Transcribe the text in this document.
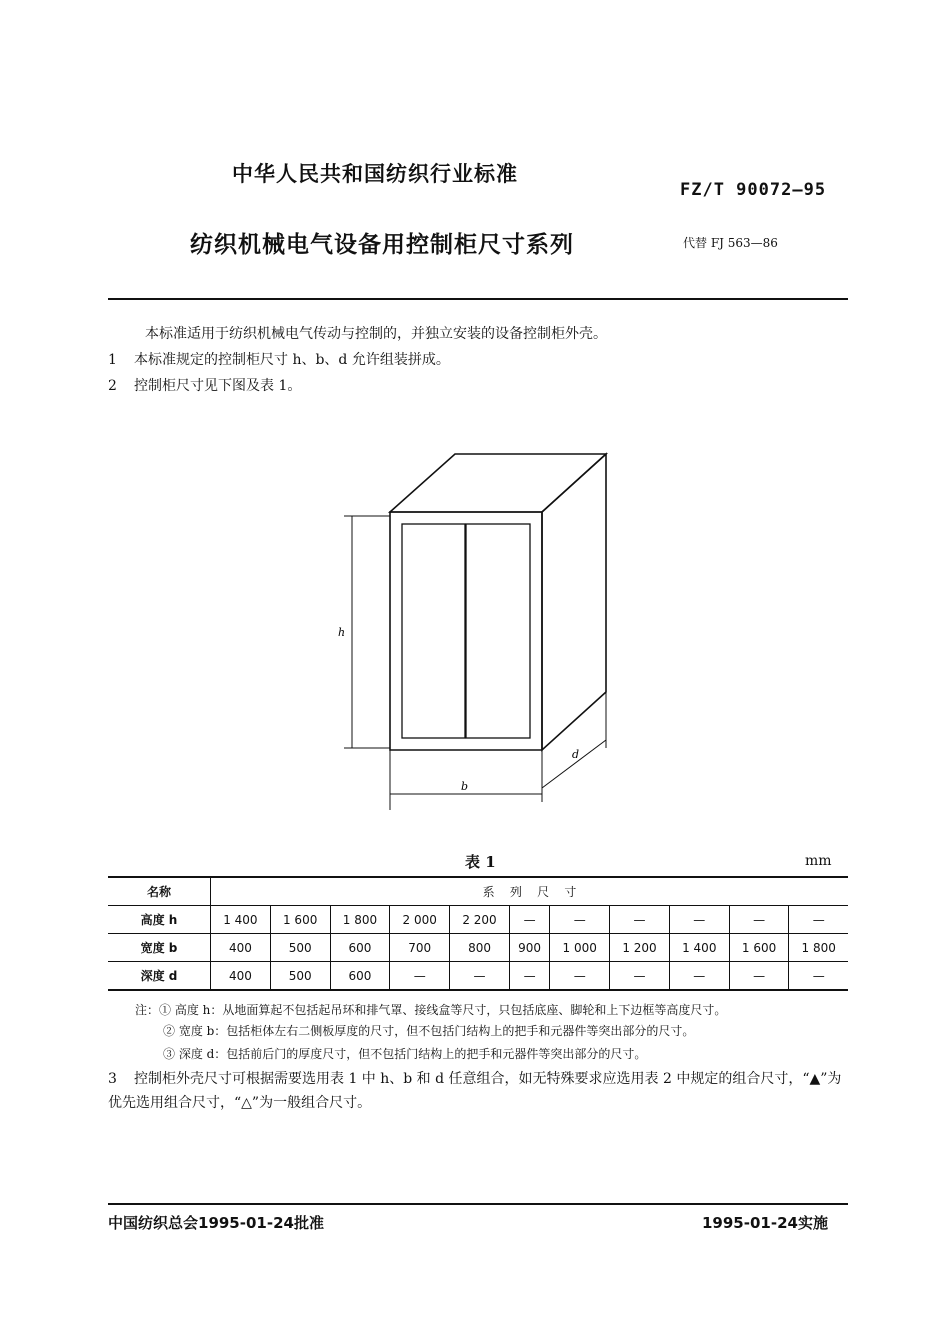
中华人民共和国纺织行业标准
FZ/T 90072—95
纺织机械电气设备用控制柜尺寸系列	代替 FJ 563—86
本标准适用于纺织机械电气传动与控制的，并独立安装的设备控制柜外壳。
1 本标准规定的控制柜尺寸 h、b、d 允许组装拼成。
2 控制柜尺寸见下图及表 1。
h
b
d
表 1	mm
名称	系    列    尺    寸										
高度 h	1 400	1 600	1 800	2 000	2 200	—	—	—	—	—	—
宽度 b	400	500	600	700	800	900	1 000	1 200	1 400	1 600	1 800
深度 d	400	500	600	—	—	—	—	—	—	—	—
注：① 高度 h：从地面算起不包括起吊环和排气罩、接线盒等尺寸，只包括底座、脚轮和上下边框等高度尺寸。
② 宽度 b：包括柜体左右二侧板厚度的尺寸，但不包括门结构上的把手和元器件等突出部分的尺寸。
③ 深度 d：包括前后门的厚度尺寸，但不包括门结构上的把手和元器件等突出部分的尺寸。
3 控制柜外壳尺寸可根据需要选用表 1 中 h、b 和 d 任意组合，如无特殊要求应选用表 2 中规定的组合尺寸，“▲”为优先选用组合尺寸，“△”为一般组合尺寸。
中国纺织总会1995-01-24批准	1995-01-24实施
